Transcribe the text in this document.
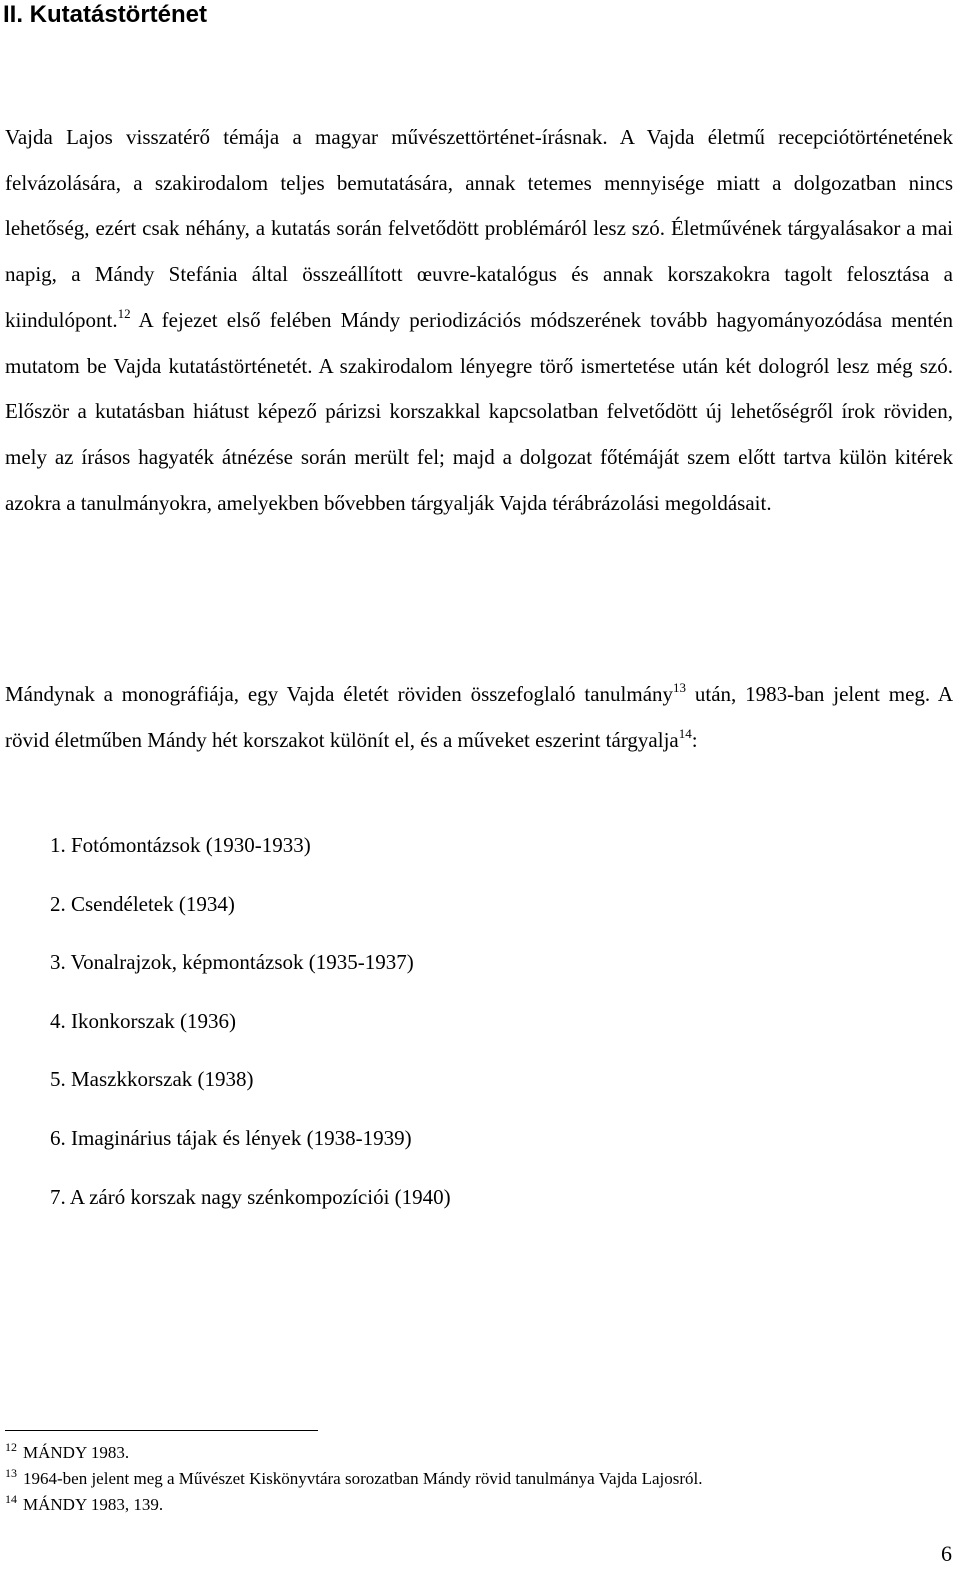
II. Kutatástörténet

Vajda Lajos visszatérő témája a magyar művészettörténet-írásnak. A Vajda életmű recepciótörténetének felvázolására, a szakirodalom teljes bemutatására, annak tetemes mennyisége miatt a dolgozatban nincs lehetőség, ezért csak néhány, a kutatás során felvetődött problémáról lesz szó. Életművének tárgyalásakor a mai napig, a Mándy Stefánia által összeállított œuvre-katalógus és annak korszakokra tagolt felosztása a kiindulópont.$^{12}$ A fejezet első felében Mándy periodizációs módszerének tovább hagyományozódása mentén mutatom be Vajda kutatástörténetét. A szakirodalom lényegre törő ismertetése után két dologról lesz még szó. Először a kutatásban hiátust képező párizsi korszakkal kapcsolatban felvetődött új lehetőségről írok röviden, mely az írásos hagyaték átnézése során merült fel; majd a dolgozat főtémáját szem előtt tartva külön kitérek azokra a tanulmányokra, amelyekben bővebben tárgyalják Vajda térábrázolási megoldásait.

Mándynak a monográfiája, egy Vajda életét röviden összefoglaló tanulmány$^{13}$ után, 1983-ban jelent meg. A rövid életműben Mándy hét korszakot különít el, és a műveket eszerint tárgyalja$^{14}$:

1. Fotómontázsok (1930-1933)
2. Csendéletek (1934)
3. Vonalrajzok, képmontázsok (1935-1937)
4. Ikonkorszak (1936)
5. Maszkkorszak (1938)
6. Imaginárius tájak és lények (1938-1939)
7. A záró korszak nagy szénkompozíciói (1940)
$^{12}$ MÁNDY 1983.
$^{13}$ 1964-ben jelent meg a Művészet Kiskönyvtára sorozatban Mándy rövid tanulmánya Vajda Lajosról.
$^{14}$ MÁNDY 1983, 139.
6
